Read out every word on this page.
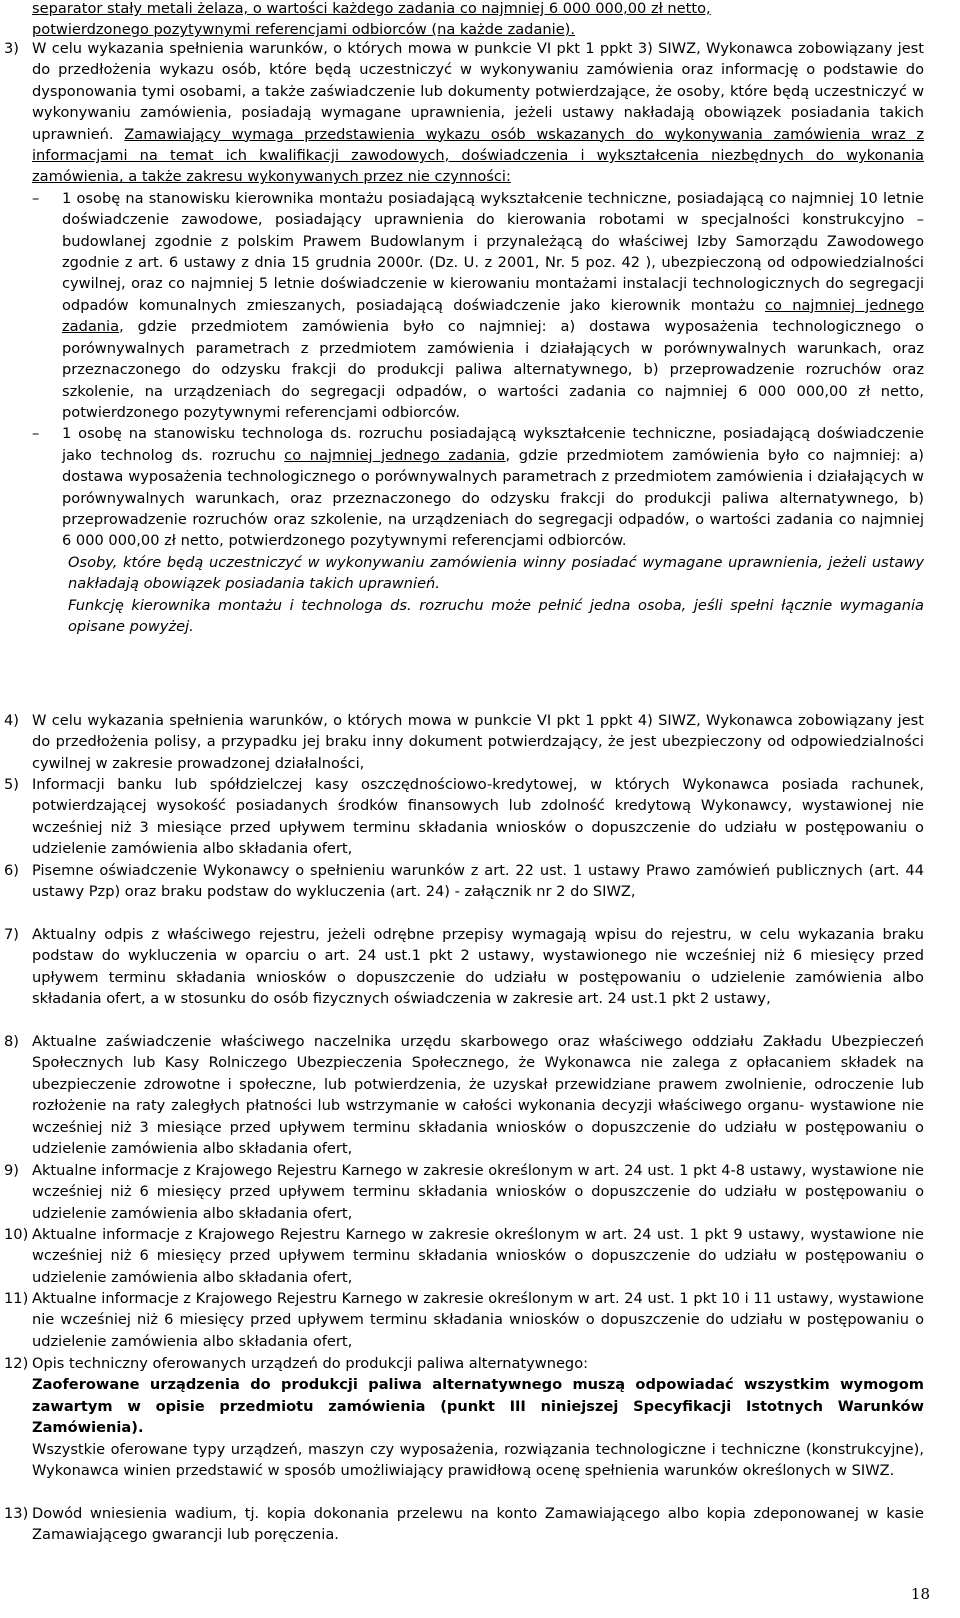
separator stały metali żelaza, o wartości każdego zadania co najmniej 6 000 000,00 zł netto,
potwierdzonego pozytywnymi referencjami odbiorców (na każde zadanie).
3) W celu wykazania spełnienia warunków, o których mowa w punkcie VI pkt 1 ppkt 3) SIWZ, Wykonawca zobowiązany jest do przedłożenia wykazu osób, które będą uczestniczyć w wykonywaniu zamówienia oraz informację o podstawie do dysponowania tymi osobami, a także zaświadczenie lub dokumenty potwierdzające, że osoby, które będą uczestniczyć w wykonywaniu zamówienia, posiadają wymagane uprawnienia, jeżeli ustawy nakładają obowiązek posiadania takich uprawnień. Zamawiający wymaga przedstawienia wykazu osób wskazanych do wykonywania zamówienia wraz z informacjami na temat ich kwalifikacji zawodowych, doświadczenia i wykształcenia niezbędnych do wykonania zamówienia, a także zakresu wykonywanych przez nie czynności:
– 1 osobę na stanowisku kierownika montażu posiadającą wykształcenie techniczne, posiadającą co najmniej 10 letnie doświadczenie zawodowe, posiadający uprawnienia do kierowania robotami w specjalności konstrukcyjno – budowlanej zgodnie z polskim Prawem Budowlanym i przynależącą do właściwej Izby Samorządu Zawodowego zgodnie z art. 6 ustawy z dnia 15 grudnia 2000r. (Dz. U. z 2001, Nr. 5 poz. 42 ), ubezpieczoną od odpowiedzialności cywilnej, oraz co najmniej 5 letnie doświadczenie w kierowaniu montażami instalacji technologicznych do segregacji odpadów komunalnych zmieszanych, posiadającą doświadczenie jako kierownik montażu co najmniej jednego zadania, gdzie przedmiotem zamówienia było co najmniej: a) dostawa wyposażenia technologicznego o porównywalnych parametrach z przedmiotem zamówienia i działających w porównywalnych warunkach, oraz przeznaczonego do odzysku frakcji do produkcji paliwa alternatywnego, b) przeprowadzenie rozruchów oraz szkolenie, na urządzeniach do segregacji odpadów, o wartości zadania co najmniej 6 000 000,00 zł netto, potwierdzonego pozytywnymi referencjami odbiorców.
– 1 osobę na stanowisku technologa ds. rozruchu posiadającą wykształcenie techniczne, posiadającą doświadczenie jako technolog ds. rozruchu co najmniej jednego zadania, gdzie przedmiotem zamówienia było co najmniej: a) dostawa wyposażenia technologicznego o porównywalnych parametrach z przedmiotem zamówienia i działających w porównywalnych warunkach, oraz przeznaczonego do odzysku frakcji do produkcji paliwa alternatywnego, b) przeprowadzenie rozruchów oraz szkolenie, na urządzeniach do segregacji odpadów, o wartości zadania co najmniej 6 000 000,00 zł netto, potwierdzonego pozytywnymi referencjami odbiorców.
Osoby, które będą uczestniczyć w wykonywaniu zamówienia winny posiadać wymagane uprawnienia, jeżeli ustawy nakładają obowiązek posiadania takich uprawnień.
Funkcję kierownika montażu i technologa ds. rozruchu może pełnić jedna osoba, jeśli spełni łącznie wymagania opisane powyżej.
4) W celu wykazania spełnienia warunków, o których mowa w punkcie VI pkt 1 ppkt 4) SIWZ, Wykonawca zobowiązany jest do przedłożenia polisy, a przypadku jej braku inny dokument potwierdzający, że jest ubezpieczony od odpowiedzialności cywilnej w zakresie prowadzonej działalności,
5) Informacji banku lub spółdzielczej kasy oszczędnościowo-kredytowej, w których Wykonawca posiada rachunek, potwierdzającej wysokość posiadanych środków finansowych lub zdolność kredytową Wykonawcy, wystawionej nie wcześniej niż 3 miesiące przed upływem terminu składania wniosków o dopuszczenie do udziału w postępowaniu o udzielenie zamówienia albo składania ofert,
6) Pisemne oświadczenie Wykonawcy o spełnieniu warunków z art. 22 ust. 1 ustawy Prawo zamówień publicznych (art. 44 ustawy Pzp) oraz braku podstaw do wykluczenia (art. 24) - załącznik nr 2 do SIWZ,
7) Aktualny odpis z właściwego rejestru, jeżeli odrębne przepisy wymagają wpisu do rejestru, w celu wykazania braku podstaw do wykluczenia w oparciu o art. 24 ust.1 pkt 2 ustawy, wystawionego nie wcześniej niż 6 miesięcy przed upływem terminu składania wniosków o dopuszczenie do udziału w postępowaniu o udzielenie zamówienia albo składania ofert, a w stosunku do osób fizycznych oświadczenia w zakresie art. 24 ust.1 pkt 2 ustawy,
8) Aktualne zaświadczenie właściwego naczelnika urzędu skarbowego oraz właściwego oddziału Zakładu Ubezpieczeń Społecznych lub Kasy Rolniczego Ubezpieczenia Społecznego, że Wykonawca nie zalega z opłacaniem składek na ubezpieczenie zdrowotne i społeczne, lub potwierdzenia, że uzyskał przewidziane prawem zwolnienie, odroczenie lub rozłożenie na raty zaległych płatności lub wstrzymanie w całości wykonania decyzji właściwego organu- wystawione nie wcześniej niż 3 miesiące przed upływem terminu składania wniosków o dopuszczenie do udziału w postępowaniu o udzielenie zamówienia albo składania ofert,
9) Aktualne informacje z Krajowego Rejestru Karnego w zakresie określonym w art. 24 ust. 1 pkt 4-8 ustawy, wystawione nie wcześniej niż 6 miesięcy przed upływem terminu składania wniosków o dopuszczenie do udziału w postępowaniu o udzielenie zamówienia albo składania ofert,
10) Aktualne informacje z Krajowego Rejestru Karnego w zakresie określonym w art. 24 ust. 1 pkt 9 ustawy, wystawione nie wcześniej niż 6 miesięcy przed upływem terminu składania wniosków o dopuszczenie do udziału w postępowaniu o udzielenie zamówienia albo składania ofert,
11) Aktualne informacje z Krajowego Rejestru Karnego w zakresie określonym w art. 24 ust. 1 pkt 10 i 11 ustawy, wystawione nie wcześniej niż 6 miesięcy przed upływem terminu składania wniosków o dopuszczenie do udziału w postępowaniu o udzielenie zamówienia albo składania ofert,
12) Opis techniczny oferowanych urządzeń do produkcji paliwa alternatywnego:
Zaoferowane urządzenia do produkcji paliwa alternatywnego muszą odpowiadać wszystkim wymogom zawartym w opisie przedmiotu zamówienia (punkt III niniejszej Specyfikacji Istotnych Warunków Zamówienia).
Wszystkie oferowane typy urządzeń, maszyn czy wyposażenia, rozwiązania technologiczne i techniczne (konstrukcyjne), Wykonawca winien przedstawić w sposób umożliwiający prawidłową ocenę spełnienia warunków określonych w SIWZ.
13) Dowód wniesienia wadium, tj. kopia dokonania przelewu na konto Zamawiającego albo kopia zdeponowanej w kasie Zamawiającego gwarancji lub poręczenia.
18
